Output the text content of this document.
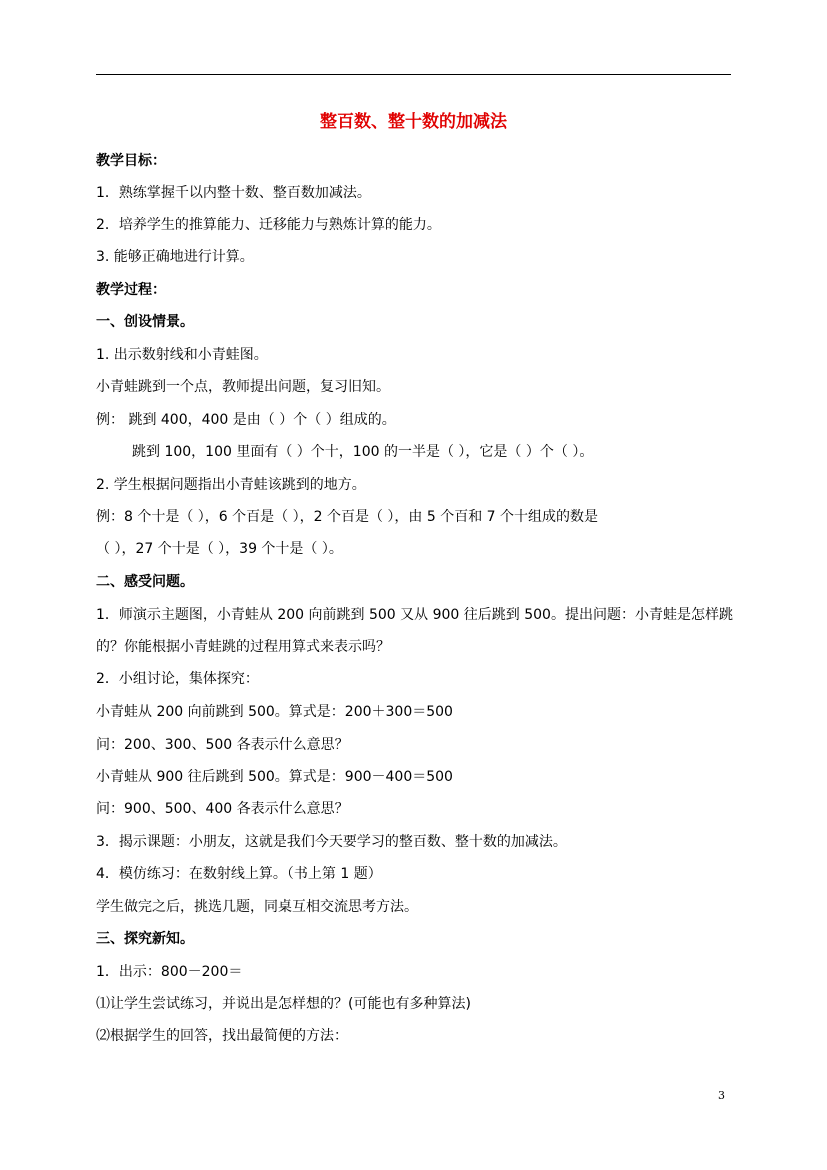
整百数、整十数的加减法

教学目标：

1．熟练掌握千以内整十数、整百数加减法。

2．培养学生的推算能力、迁移能力与熟炼计算的能力。

3. 能够正确地进行计算。

教学过程：

一、创设情景。

1. 出示数射线和小青蛙图。

小青蛙跳到一个点，教师提出问题，复习旧知。

例： 跳到 400，400 是由（ ）个（ ）组成的。

跳到 100，100 里面有（ ）个十，100 的一半是（ ），它是（ ）个（ ）。

2. 学生根据问题指出小青蛙该跳到的地方。

例：8 个十是（ ），6 个百是（ ），2 个百是（ ），由 5 个百和 7 个十组成的数是

（ ），27 个十是（ ），39 个十是（ ）。

二、感受问题。

1．师演示主题图，小青蛙从 200 向前跳到 500 又从 900 往后跳到 500。提出问题：小青蛙是怎样跳

的？你能根据小青蛙跳的过程用算式来表示吗？

2．小组讨论，集体探究：

小青蛙从 200 向前跳到 500。算式是：200＋300＝500

问：200、300、500 各表示什么意思？

小青蛙从 900 往后跳到 500。算式是：900－400＝500

问：900、500、400 各表示什么意思？

3．揭示课题：小朋友，这就是我们今天要学习的整百数、整十数的加减法。

4．模仿练习：在数射线上算。（书上第 1 题）

学生做完之后，挑选几题，同桌互相交流思考方法。

三、探究新知。

1．出示：800－200＝

⑴让学生尝试练习，并说出是怎样想的？(可能也有多种算法)

⑵根据学生的回答，找出最简便的方法：

3
